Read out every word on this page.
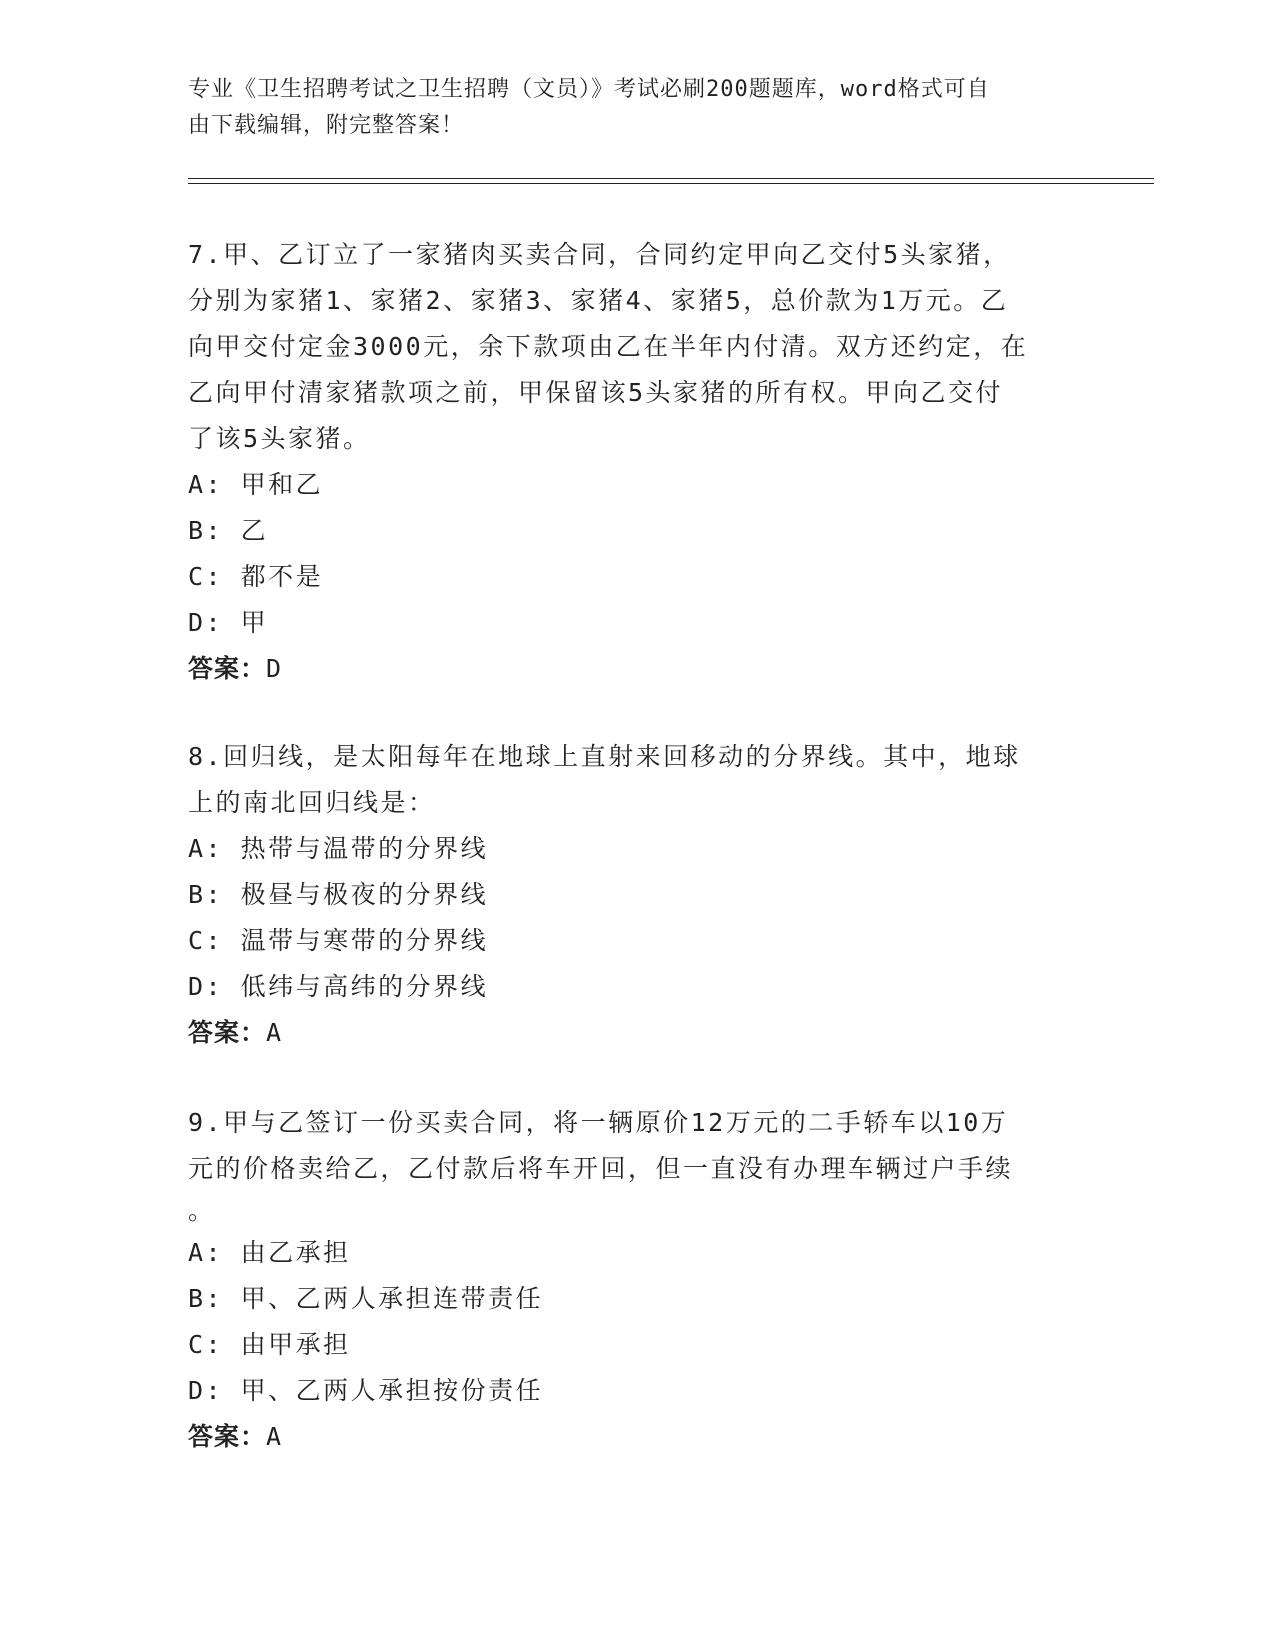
专业《卫生招聘考试之卫生招聘（文员）》考试必刷200题题库，word格式可自
由下载编辑，附完整答案！
7.甲、乙订立了一家猪肉买卖合同，合同约定甲向乙交付5头家猪，
分别为家猪1、家猪2、家猪3、家猪4、家猪5，总价款为1万元。乙
向甲交付定金3000元，余下款项由乙在半年内付清。双方还约定，在
乙向甲付清家猪款项之前，甲保留该5头家猪的所有权。甲向乙交付
了该5头家猪。
A: 甲和乙
B: 乙
C: 都不是
D: 甲
答案：D
8.回归线，是太阳每年在地球上直射来回移动的分界线。其中，地球
上的南北回归线是：
A: 热带与温带的分界线
B: 极昼与极夜的分界线
C: 温带与寒带的分界线
D: 低纬与高纬的分界线
答案：A
9.甲与乙签订一份买卖合同，将一辆原价12万元的二手轿车以10万
元的价格卖给乙，乙付款后将车开回，但一直没有办理车辆过户手续
。
A: 由乙承担
B: 甲、乙两人承担连带责任
C: 由甲承担
D: 甲、乙两人承担按份责任
答案：A
